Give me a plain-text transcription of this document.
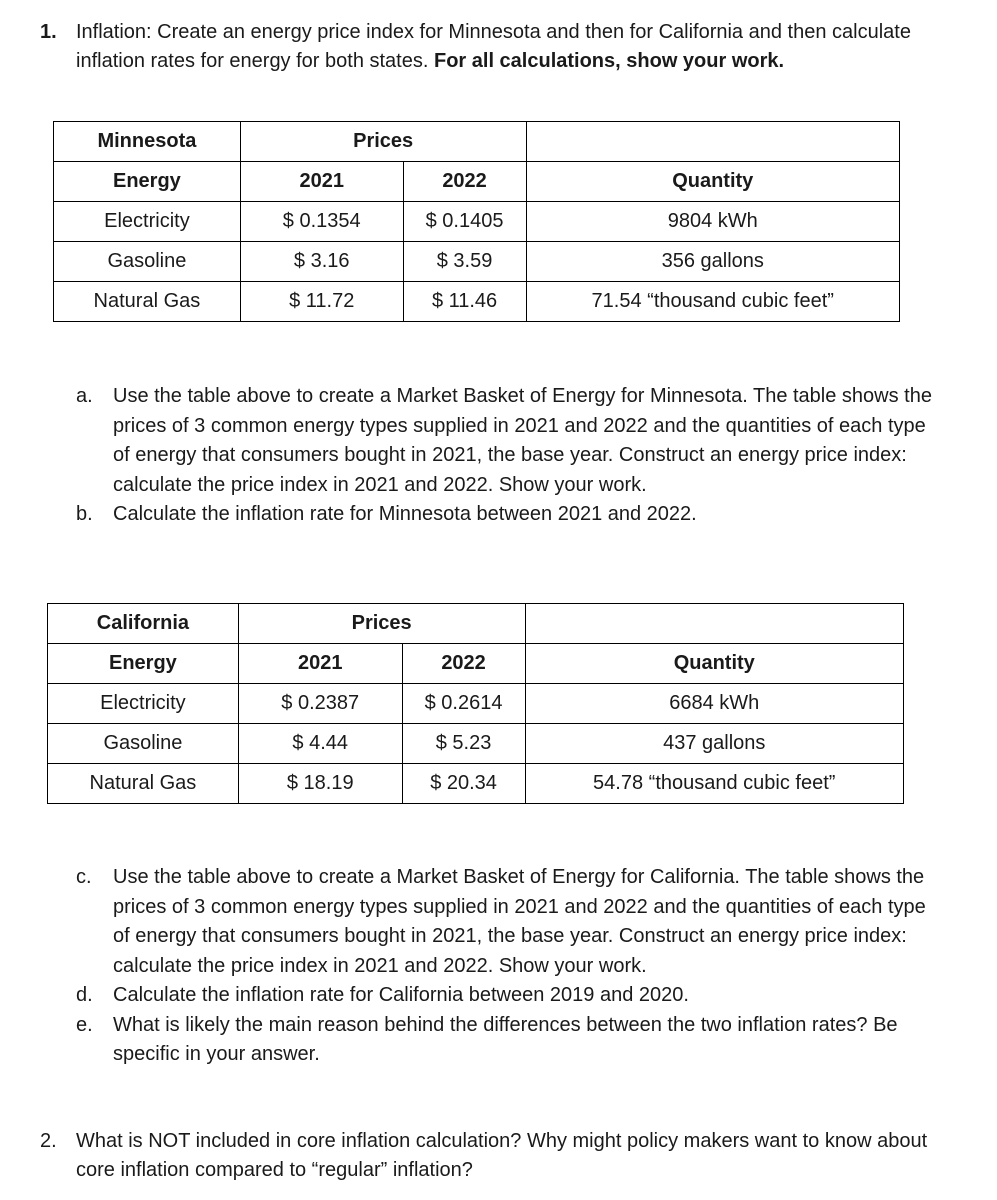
1. Inflation: Create an energy price index for Minnesota and then for California and then calculate inflation rates for energy for both states. For all calculations, show your work.
Minnesota	Prices		
Energy	2021	2022	Quantity
Electricity	$ 0.1354	$ 0.1405	9804 kWh
Gasoline	$ 3.16	$ 3.59	356 gallons
Natural Gas	$ 11.72	$ 11.46	71.54 “thousand cubic feet”
a. Use the table above to create a Market Basket of Energy for Minnesota. The table shows the prices of 3 common energy types supplied in 2021 and 2022 and the quantities of each type of energy that consumers bought in 2021, the base year. Construct an energy price index: calculate the price index in 2021 and 2022. Show your work.
b. Calculate the inflation rate for Minnesota between 2021 and 2022.
California	Prices		
Energy	2021	2022	Quantity
Electricity	$ 0.2387	$ 0.2614	6684 kWh
Gasoline	$ 4.44	$ 5.23	437 gallons
Natural Gas	$ 18.19	$ 20.34	54.78 “thousand cubic feet”
c. Use the table above to create a Market Basket of Energy for California. The table shows the prices of 3 common energy types supplied in 2021 and 2022 and the quantities of each type of energy that consumers bought in 2021, the base year. Construct an energy price index: calculate the price index in 2021 and 2022. Show your work.
d. Calculate the inflation rate for California between 2019 and 2020.
e. What is likely the main reason behind the differences between the two inflation rates? Be specific in your answer.
2. What is NOT included in core inflation calculation? Why might policy makers want to know about core inflation compared to “regular” inflation?
